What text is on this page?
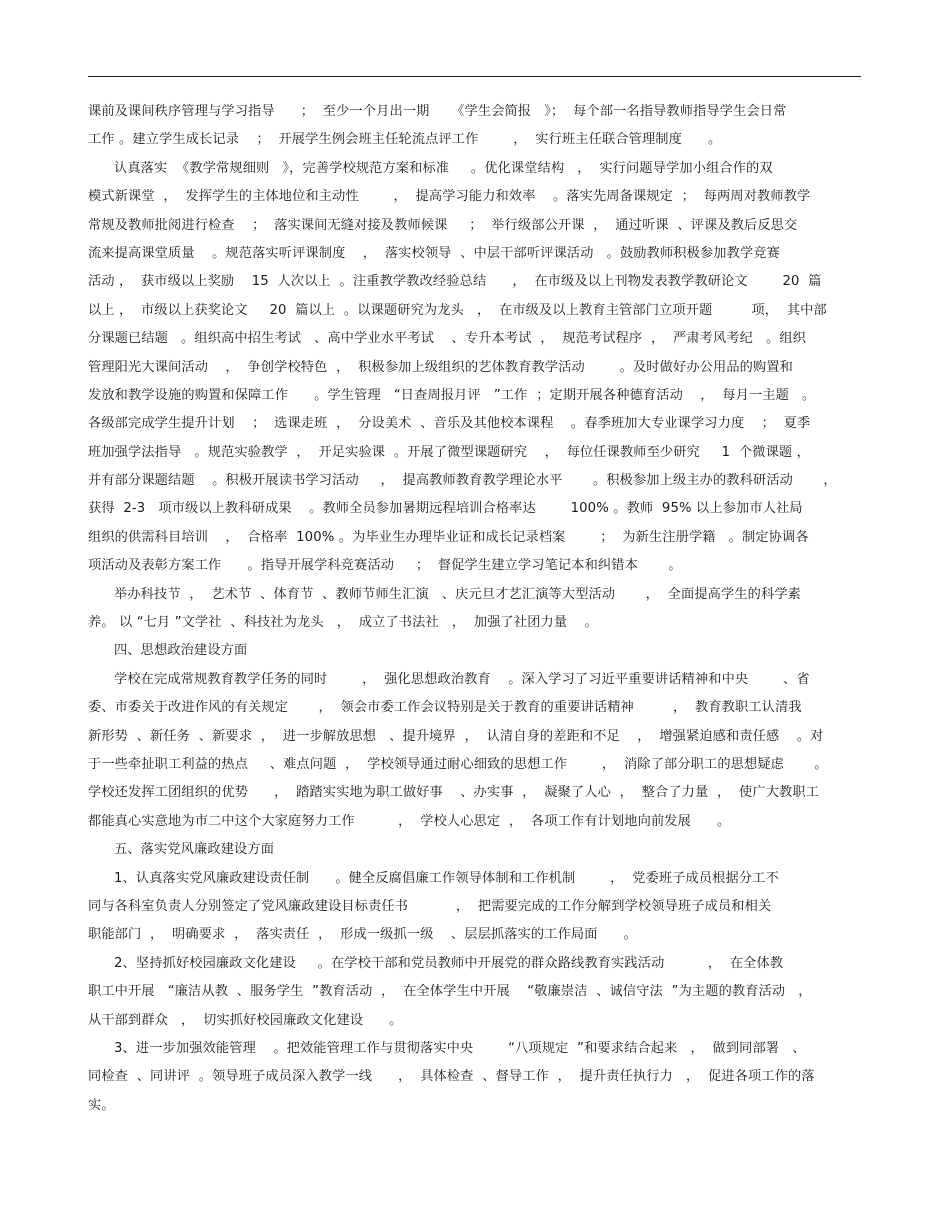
课前及课间秩序管理与学习指导      ；  至少一个月出一期     《学生会简报   》；  每个部一名指导教师指导学生会日常
工作 。建立学生成长记录    ；  开展学生例会班主任轮流点评工作        ，  实行班主任联合管理制度      。
认真落实  《教学常规细则   》，完善学校规范方案和标准     。优化课堂结构   ，  实行问题导学加小组合作的双
模式新课堂  ，  发挥学生的主体地位和主动性        ，  提高学习能力和效率    。落实先周备课规定  ；  每两周对教师教学
常规及教师批阅进行检查    ；  落实课间无缝对接及教师候课     ；  举行级部公开课  ，  通过听课  、评课及教后反思交
流来提高课堂质量    。规范落实听评课制度    ，  落实校领导  、中层干部听评课活动   。鼓励教师积极参加教学竞赛
活动 ，  获市级以上奖励    15  人次以上  。注重教学教改经验总结      ，  在市级及以上刊物发表教学教研论文        20  篇
以上 ，  市级以上获奖论文     20  篇以上  。以课题研究为龙头   ，  在市级及以上教育主管部门立项开题         项，  其中部
分课题已结题   。组织高中招生考试   、高中学业水平考试    、专升本考试  ，  规范考试程序  ，  严肃考风考纪   。组织
管理阳光大课间活动    ，  争创学校特色  ，  积极参加上级组织的艺体教育教学活动        。及时做好办公用品的购置和
发放和教学设施的购置和保障工作      。学生管理   “日查周报月评   ”工作  ；定期开展各种德育活动    ，  每月一主题   。
各级部完成学生提升计划    ；  选课走班  ，  分设美术  、音乐及其他校本课程    。春季班加大专业课学习力度    ；  夏季
班加强学法指导   。规范实验教学  ，  开足实验课  。开展了微型课题研究    ，  每位任课教师至少研究     1  个微课题 ，
并有部分课题结题    。积极开展读书学习活动     ，  提高教师教育教学理论水平       。积极参加上级主办的教科研活动       ，
获得  2-3   项市级以上教科研成果    。教师全员参加暑期远程培训合格率达        100% 。教师  95% 以上参加市人社局
组织的供需科目培训    ，  合格率  100% 。为毕业生办理毕业证和成长记录档案        ；  为新生注册学籍   。制定协调各
项活动及表彰方案工作      。指导开展学科竞赛活动     ；  督促学生建立学习笔记本和纠错本       。
举办科技节  ，  艺术节  、体育节  、教师节师生汇演   、庆元旦才艺汇演等大型活动       ，  全面提高学生的科学素
养。 以 “七月 ”文学社  、科技社为龙头   ，  成立了书法社   ，  加强了社团力量    。
四、思想政治建设方面
学校在完成常规教育教学任务的同时        ，  强化思想政治教育    。深入学习了习近平重要讲话精神和中央        、省
委、市委关于改进作风的有关规定       ，  领会市委工作会议特别是关于教育的重要讲话精神         ，  教育教职工认清我
新形势  、新任务  、新要求  ，  进一步解放思想   、提升境界  ，  认清自身的差距和不足    ，  增强紧迫感和责任感    。对
于一些牵扯职工利益的热点     、难点问题  ，  学校领导通过耐心细致的思想工作        ，  消除了部分职工的思想疑虑       。
学校还发挥工团组织的优势      ，  踏踏实实地为职工做好事    、办实事  ，  凝聚了人心  ，  整合了力量  ，  使广大教职工
都能真心实意地为市二中这个大家庭努力工作          ，  学校人心思定  ，  各项工作有计划地向前发展      。
五、落实党风廉政建设方面
1、认真落实党风廉政建设责任制      。健全反腐倡廉工作领导体制和工作机制        ，  党委班子成员根据分工不
同与各科室负责人分别签定了党风廉政建设目标责任书           ，  把需要完成的工作分解到学校领导班子成员和相关
职能部门  ，  明确要求  ，  落实责任  ，  形成一级抓一级    、层层抓落实的工作局面      。
2、坚持抓好校园廉政文化建设     。在学校干部和党员教师中开展党的群众路线教育实践活动          ，  在全体教
职工中开展   “廉洁从教  、服务学生  ”教育活动  ，  在全体学生中开展    “敬廉崇洁  、诚信守法  ”为主题的教育活动   ，
从干部到群众   ，  切实抓好校园廉政文化建设      。
3、进一步加强效能管理    。把效能管理工作与贯彻落实中央        “八项规定  ”和要求结合起来   ，  做到同部署   、
同检查  、同讲评  。领导班子成员深入教学一线      ，  具体检查  、督导工作  ，  提升责任执行力   ，  促进各项工作的落
实。
